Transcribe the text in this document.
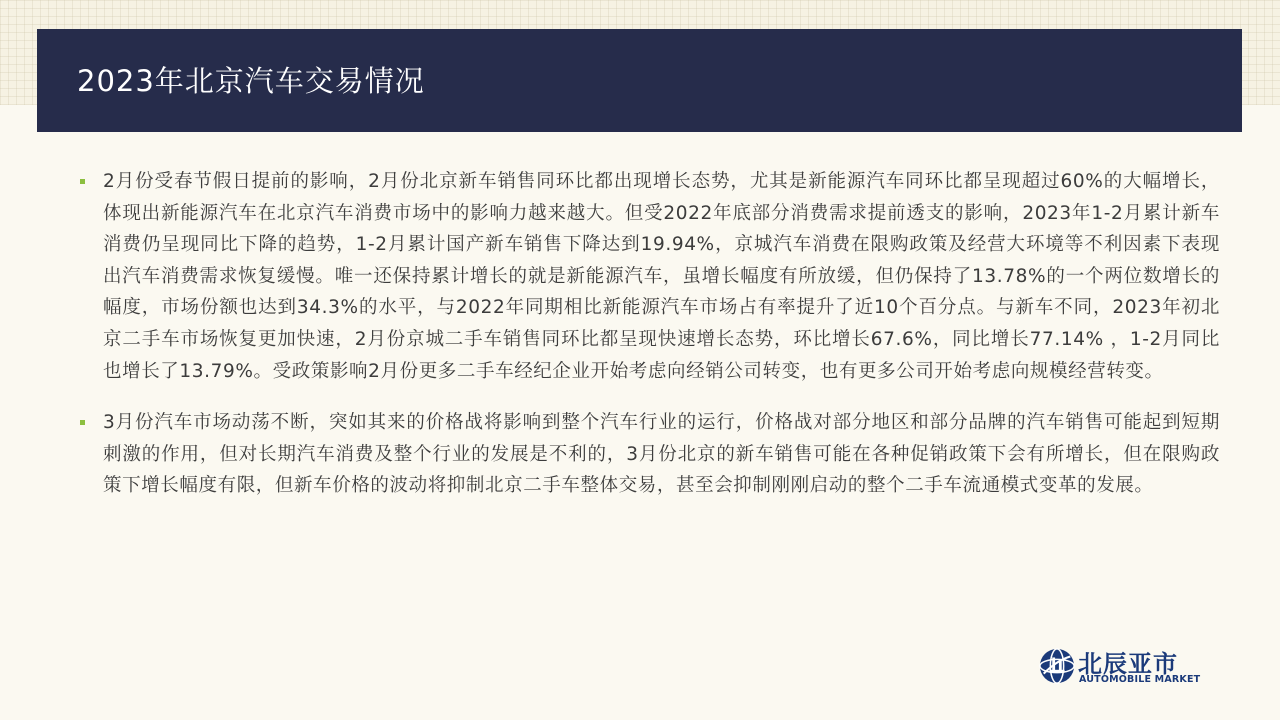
2023年北京汽车交易情况
2月份受春节假日提前的影响，2月份北京新车销售同环比都出现增长态势，尤其是新能源汽车同环比都呈现超过60%的大幅增长，体现出新能源汽车在北京汽车消费市场中的影响力越来越大。但受2022年底部分消费需求提前透支的影响，2023年1-2月累计新车消费仍呈现同比下降的趋势，1-2月累计国产新车销售下降达到19.94%，京城汽车消费在限购政策及经营大环境等不利因素下表现出汽车消费需求恢复缓慢。唯一还保持累计增长的就是新能源汽车，虽增长幅度有所放缓，但仍保持了13.78%的一个两位数增长的幅度，市场份额也达到34.3%的水平，与2022年同期相比新能源汽车市场占有率提升了近10个百分点。与新车不同，2023年初北京二手车市场恢复更加快速，2月份京城二手车销售同环比都呈现快速增长态势，环比增长67.6%，同比增长77.14% ，1-2月同比也增长了13.79%。受政策影响2月份更多二手车经纪企业开始考虑向经销公司转变，也有更多公司开始考虑向规模经营转变。
3月份汽车市场动荡不断，突如其来的价格战将影响到整个汽车行业的运行，价格战对部分地区和部分品牌的汽车销售可能起到短期刺激的作用，但对长期汽车消费及整个行业的发展是不利的，3月份北京的新车销售可能在各种促销政策下会有所增长，但在限购政策下增长幅度有限，但新车价格的波动将抑制北京二手车整体交易，甚至会抑制刚刚启动的整个二手车流通模式变革的发展。
北辰亚市
AUTOMOBILE MARKET
